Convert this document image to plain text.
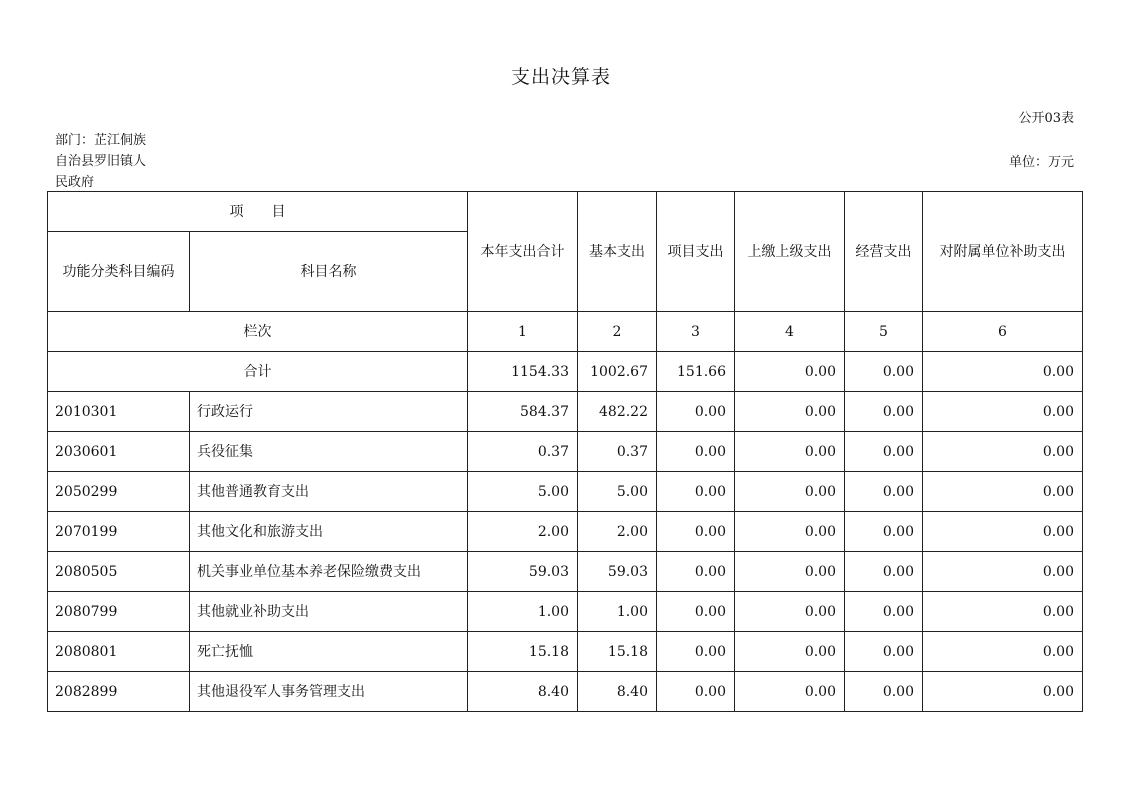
支出决算表
公开03表
部门：芷江侗族
自治县罗旧镇人
民政府
单位：万元
项　　目		本年支出合计	基本支出	项目支出	上缴上级支出	经营支出	对附属单位补助支出
功能分类科目编码	科目名称						
栏次		1	2	3	4	5	6
合计		1154.33	1002.67	151.66	0.00	0.00	0.00
2010301	行政运行	584.37	482.22	0.00	0.00	0.00	0.00
2030601	兵役征集	0.37	0.37	0.00	0.00	0.00	0.00
2050299	其他普通教育支出	5.00	5.00	0.00	0.00	0.00	0.00
2070199	其他文化和旅游支出	2.00	2.00	0.00	0.00	0.00	0.00
2080505	机关事业单位基本养老保险缴费支出	59.03	59.03	0.00	0.00	0.00	0.00
2080799	其他就业补助支出	1.00	1.00	0.00	0.00	0.00	0.00
2080801	死亡抚恤	15.18	15.18	0.00	0.00	0.00	0.00
2082899	其他退役军人事务管理支出	8.40	8.40	0.00	0.00	0.00	0.00
